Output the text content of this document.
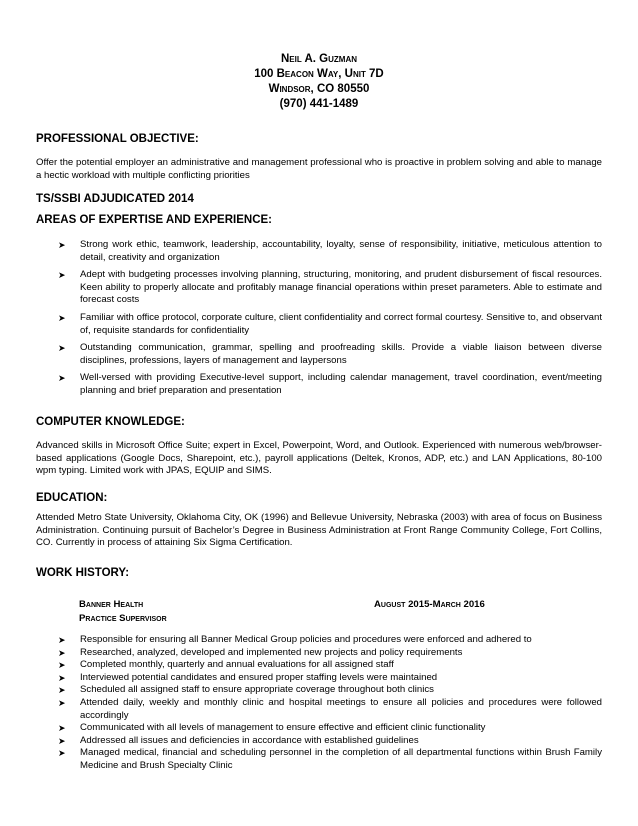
Neil A. Guzman
100 Beacon Way, Unit 7D
Windsor, CO 80550
(970) 441-1489
PROFESSIONAL OBJECTIVE:
Offer the potential employer an administrative and management professional who is proactive in problem solving and able to manage a hectic workload with multiple conflicting priorities
TS/SSBI ADJUDICATED 2014
AREAS OF EXPERTISE AND EXPERIENCE:
➤ Strong work ethic, teamwork, leadership, accountability, loyalty, sense of responsibility, initiative, meticulous attention to detail, creativity and organization
➤ Adept with budgeting processes involving planning, structuring, monitoring, and prudent disbursement of fiscal resources. Keen ability to properly allocate and profitably manage financial operations within preset parameters. Able to estimate and forecast costs
➤ Familiar with office protocol, corporate culture, client confidentiality and correct formal courtesy. Sensitive to, and observant of, requisite standards for confidentiality
➤ Outstanding communication, grammar, spelling and proofreading skills. Provide a viable liaison between diverse disciplines, professions, layers of management and laypersons
➤ Well-versed with providing Executive-level support, including calendar management, travel coordination, event/meeting planning and brief preparation and presentation
COMPUTER KNOWLEDGE:
Advanced skills in Microsoft Office Suite; expert in Excel, Powerpoint, Word, and Outlook. Experienced with numerous web/browser-based applications (Google Docs, Sharepoint, etc.), payroll applications (Deltek, Kronos, ADP, etc.) and LAN Applications, 80-100 wpm typing. Limited work with JPAS, EQUIP and SIMS.
EDUCATION:
Attended Metro State University, Oklahoma City, OK (1996) and Bellevue University, Nebraska (2003) with area of focus on Business Administration. Continuing pursuit of Bachelor’s Degree in Business Administration at Front Range Community College, Fort Collins, CO. Currently in process of attaining Six Sigma Certification.
WORK HISTORY:
Banner Health	August 2015-March 2016
Practice Supervisor
➤ Responsible for ensuring all Banner Medical Group policies and procedures were enforced and adhered to
➤ Researched, analyzed, developed and implemented new projects and policy requirements
➤ Completed monthly, quarterly and annual evaluations for all assigned staff
➤ Interviewed potential candidates and ensured proper staffing levels were maintained
➤ Scheduled all assigned staff to ensure appropriate coverage throughout both clinics
➤ Attended daily, weekly and monthly clinic and hospital meetings to ensure all policies and procedures were followed accordingly
➤ Communicated with all levels of management to ensure effective and efficient clinic functionality
➤ Addressed all issues and deficiencies in accordance with established guidelines
➤ Managed medical, financial and scheduling personnel in the completion of all departmental functions within Brush Family Medicine and Brush Specialty Clinic
